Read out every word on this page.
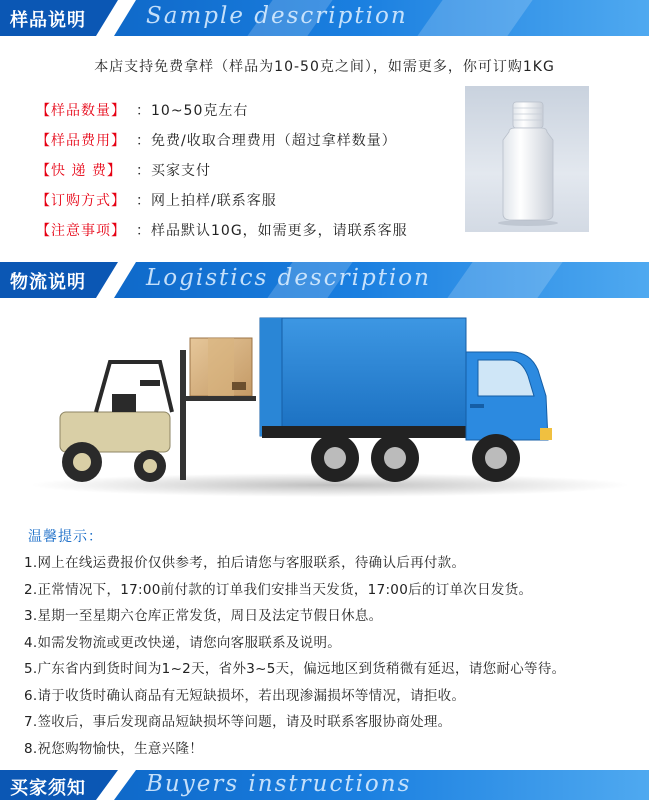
样品说明	Sample description
本店支持免费拿样（样品为10-50克之间），如需更多，你可订购1KG
【样品数量】 ：10~50克左右
【样品费用】 ：免费/收取合理费用（超过拿样数量）
【快 递 费】	：买家支付
【订购方式】 ：网上拍样/联系客服
【注意事项】 ：样品默认10G，如需更多，请联系客服
物流说明	Logistics description
温馨提示：
1.网上在线运费报价仅供参考，拍后请您与客服联系，待确认后再付款。
2.正常情况下，17:00前付款的订单我们安排当天发货，17:00后的订单次日发货。
3.星期一至星期六仓库正常发货，周日及法定节假日休息。
4.如需发物流或更改快递，请您向客服联系及说明。
5.广东省内到货时间为1~2天，省外3~5天，偏远地区到货稍微有延迟，请您耐心等待。
6.请于收货时确认商品有无短缺损坏，若出现渗漏损坏等情况，请拒收。
7.签收后，事后发现商品短缺损坏等问题，请及时联系客服协商处理。
8.祝您购物愉快，生意兴隆！
买家须知	Buyers instructions
